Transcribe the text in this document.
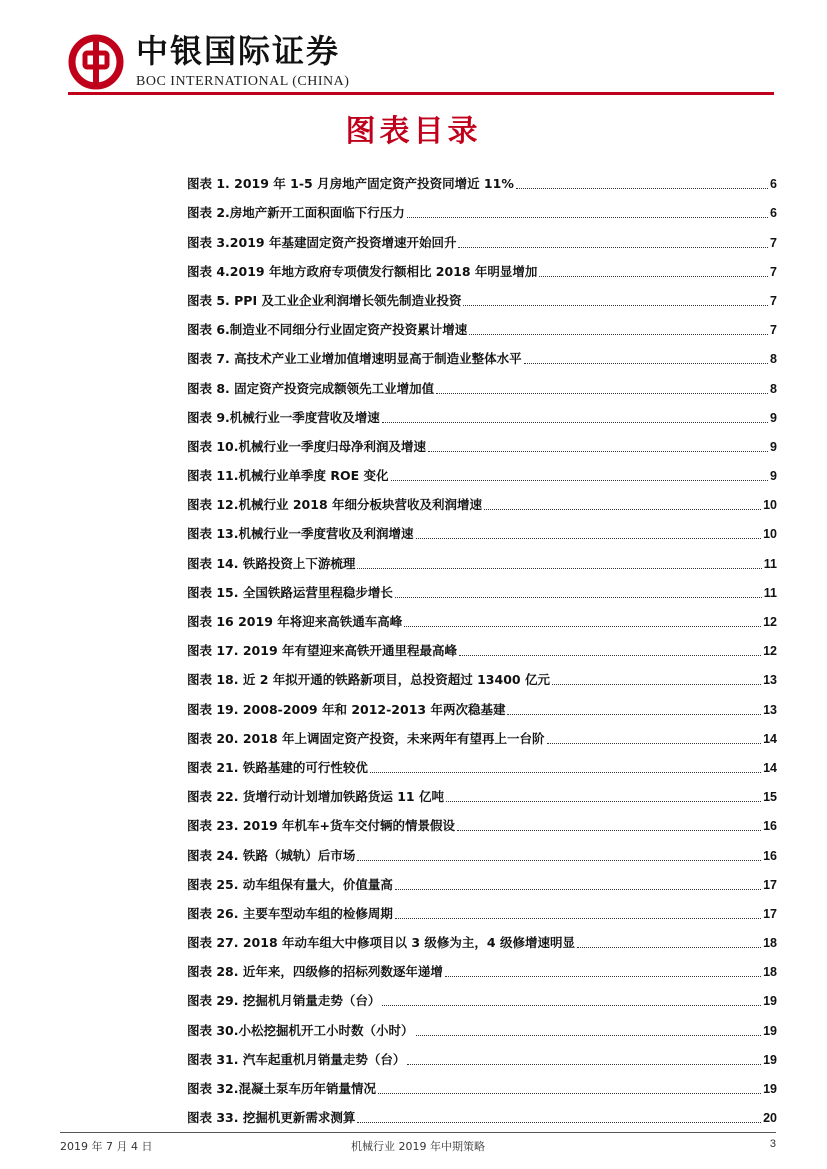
中银国际证券
BOC INTERNATIONAL (CHINA)
图表目录
图表 1. 2019 年 1-5 月房地产固定资产投资同增近 11%	6
图表 2.房地产新开工面积面临下行压力	6
图表 3.2019 年基建固定资产投资增速开始回升	7
图表 4.2019 年地方政府专项债发行额相比 2018 年明显增加	7
图表 5. PPI 及工业企业利润增长领先制造业投资	7
图表 6.制造业不同细分行业固定资产投资累计增速	7
图表 7. 高技术产业工业增加值增速明显高于制造业整体水平	8
图表 8. 固定资产投资完成额领先工业增加值	8
图表 9.机械行业一季度营收及增速	9
图表 10.机械行业一季度归母净利润及增速	9
图表 11.机械行业单季度 ROE 变化	9
图表 12.机械行业 2018 年细分板块营收及利润增速	10
图表 13.机械行业一季度营收及利润增速	10
图表 14. 铁路投资上下游梳理	11
图表 15. 全国铁路运营里程稳步增长	11
图表 16 2019 年将迎来高铁通车高峰	12
图表 17. 2019 年有望迎来高铁开通里程最高峰	12
图表 18. 近 2 年拟开通的铁路新项目，总投资超过 13400 亿元	13
图表 19. 2008-2009 年和 2012-2013 年两次稳基建	13
图表 20. 2018 年上调固定资产投资，未来两年有望再上一台阶	14
图表 21. 铁路基建的可行性较优	14
图表 22. 货增行动计划增加铁路货运 11 亿吨	15
图表 23. 2019 年机车+货车交付辆的情景假设	16
图表 24. 铁路（城轨）后市场	16
图表 25. 动车组保有量大，价值量高	17
图表 26. 主要车型动车组的检修周期	17
图表 27. 2018 年动车组大中修项目以 3 级修为主，4 级修增速明显	18
图表 28. 近年来，四级修的招标列数逐年递增	18
图表 29. 挖掘机月销量走势（台）	19
图表 30.小松挖掘机开工小时数（小时）	19
图表 31. 汽车起重机月销量走势（台）	19
图表 32.混凝土泵车历年销量情况	19
图表 33. 挖掘机更新需求测算	20
2019 年 7 月 4 日	机械行业 2019 年中期策略	3
